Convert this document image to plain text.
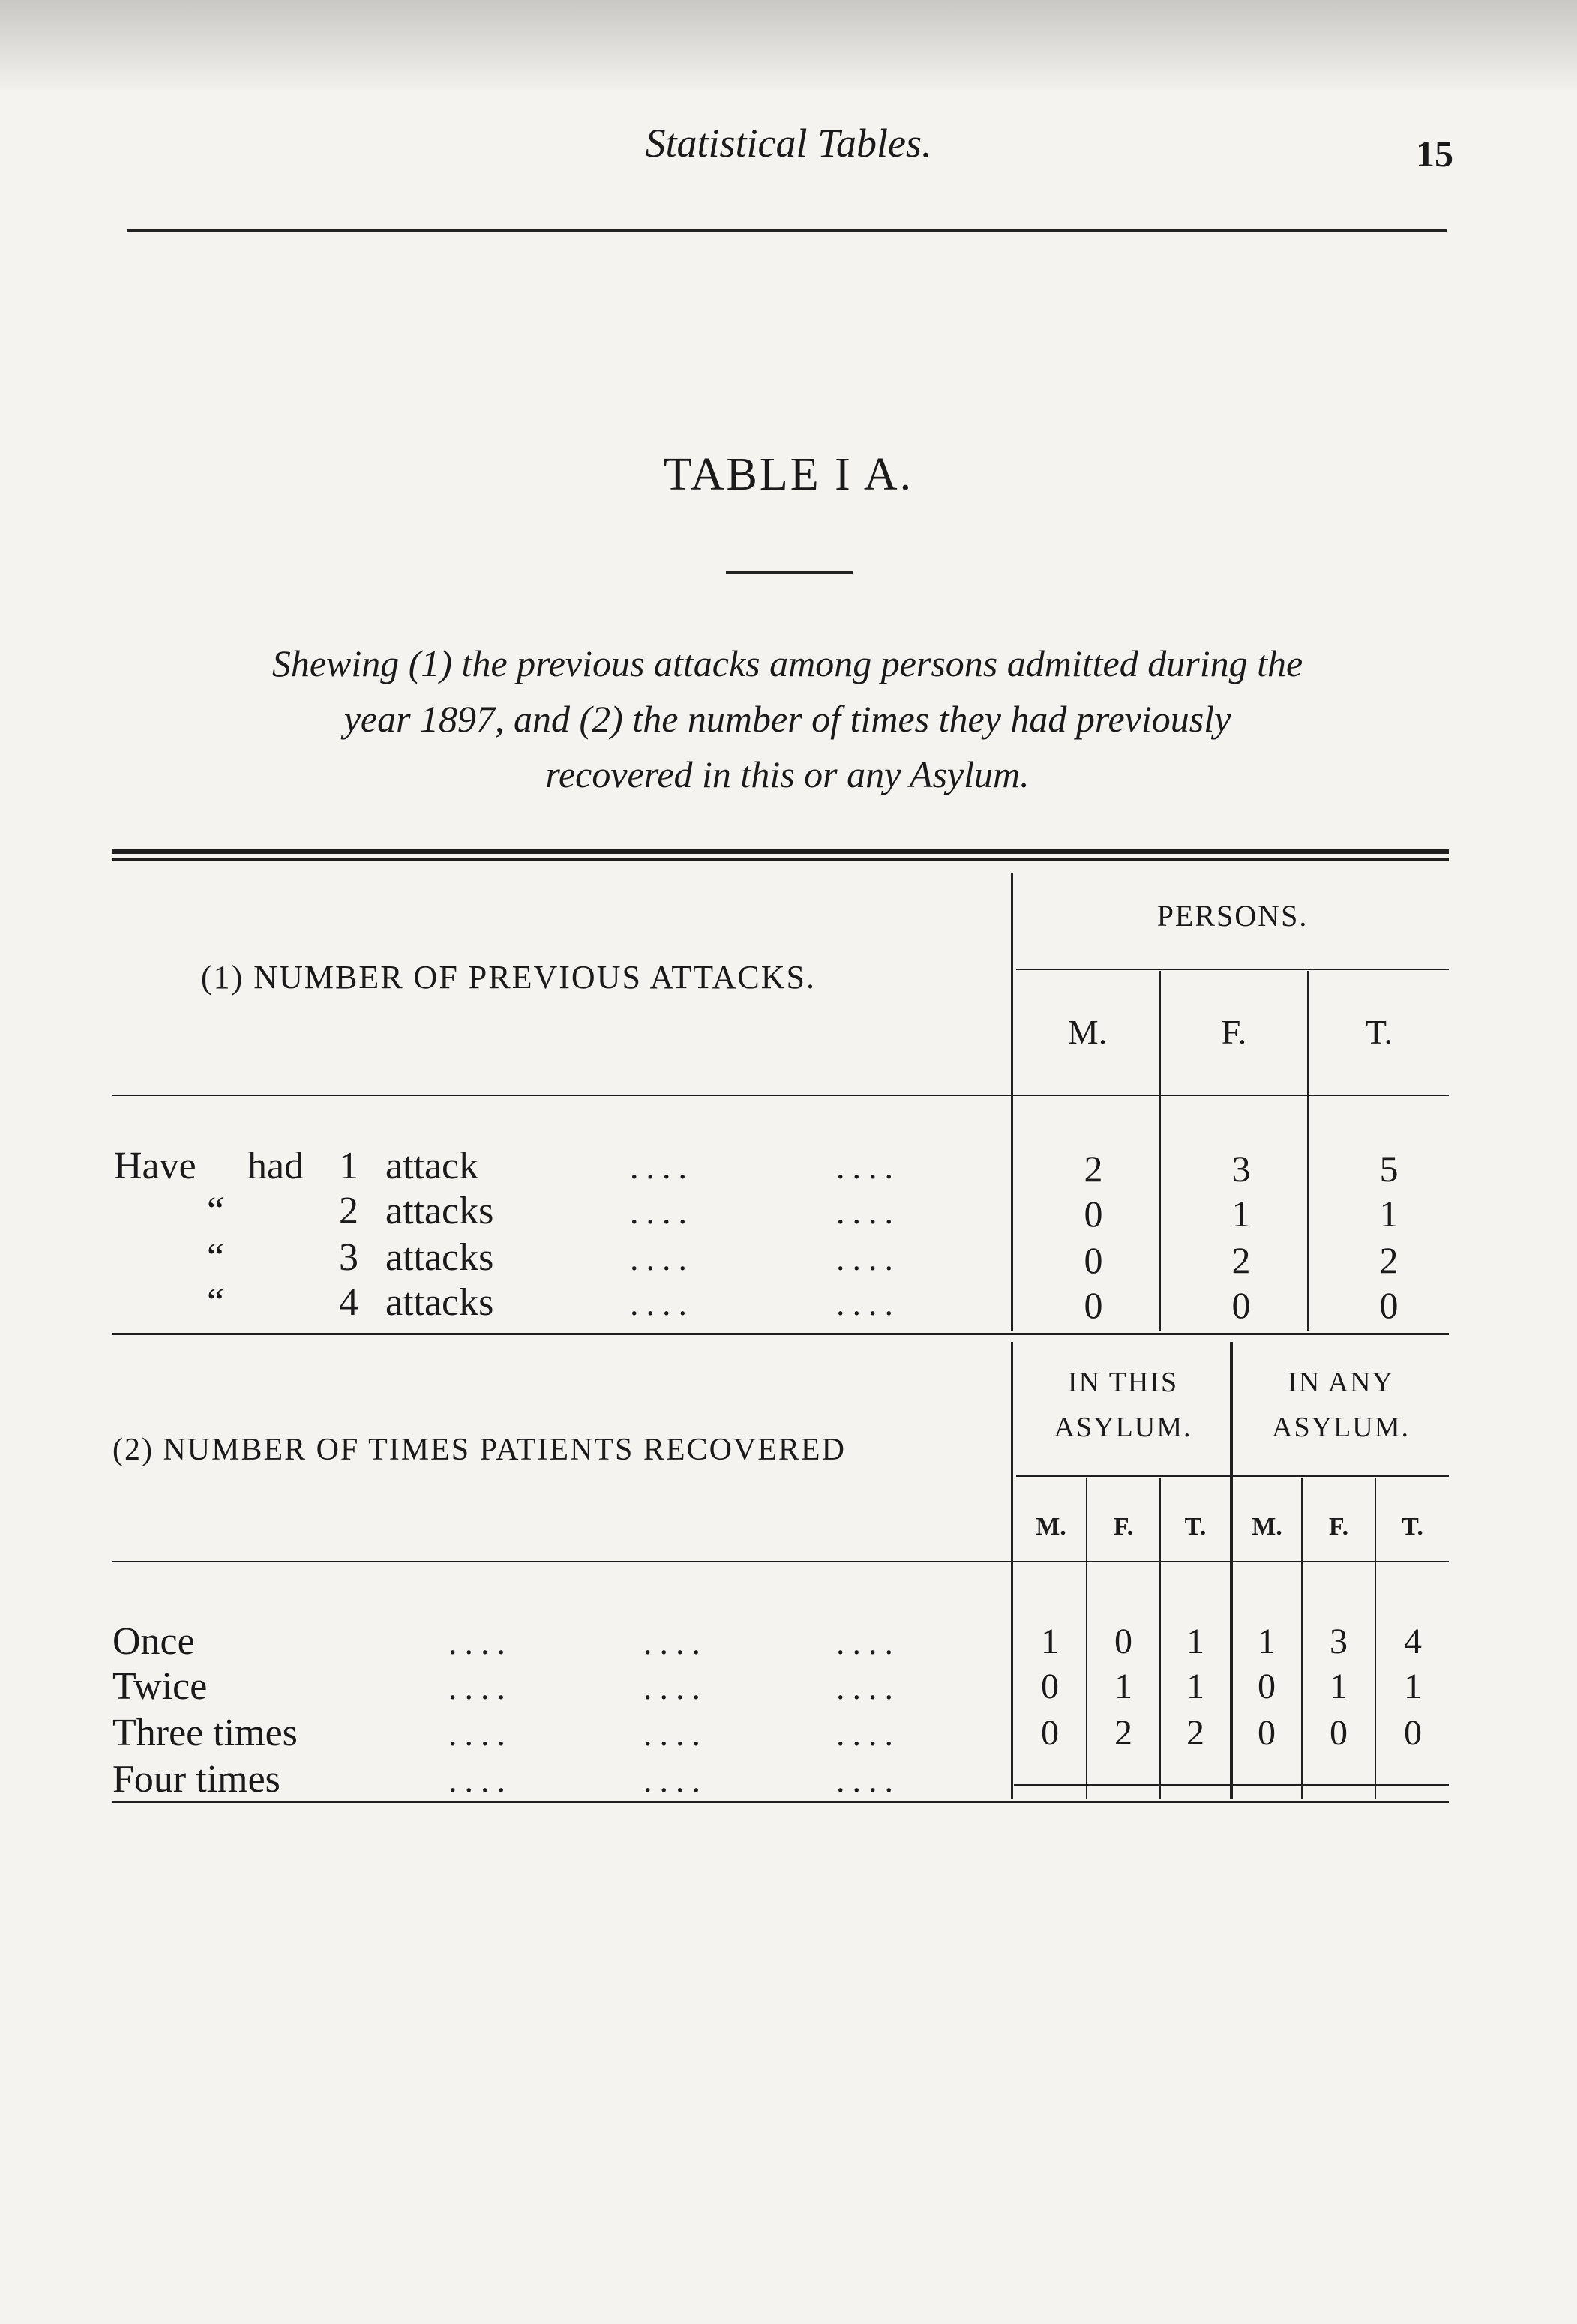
Statistical Tables.	15
TABLE I A.
Shewing (1) the previous attacks among persons admitted during the
year 1897, and (2) the number of times they had previously
recovered in this or any Asylum.
(1) NUMBER OF PREVIOUS ATTACKS.
PERSONS.
M.	F.	T.
Have had 1 attack	....	....	2	3	5
“	2 attacks	....	....	0	1	1
“	3 attacks	....	....	0	2	2
“	4 attacks	....	....	0	0	0
(2) NUMBER OF TIMES PATIENTS RECOVERED
IN THIS
ASYLUM.
IN ANY
ASYLUM.
M.	F.	T.	M.	F.	T.
Once	....	....	....	1	0	1	1	3	4
Twice	....	....	....	0	1	1	0	1	1
Three times	....	....	....	0	2	2	0	0	0
Four times	....	....	....
